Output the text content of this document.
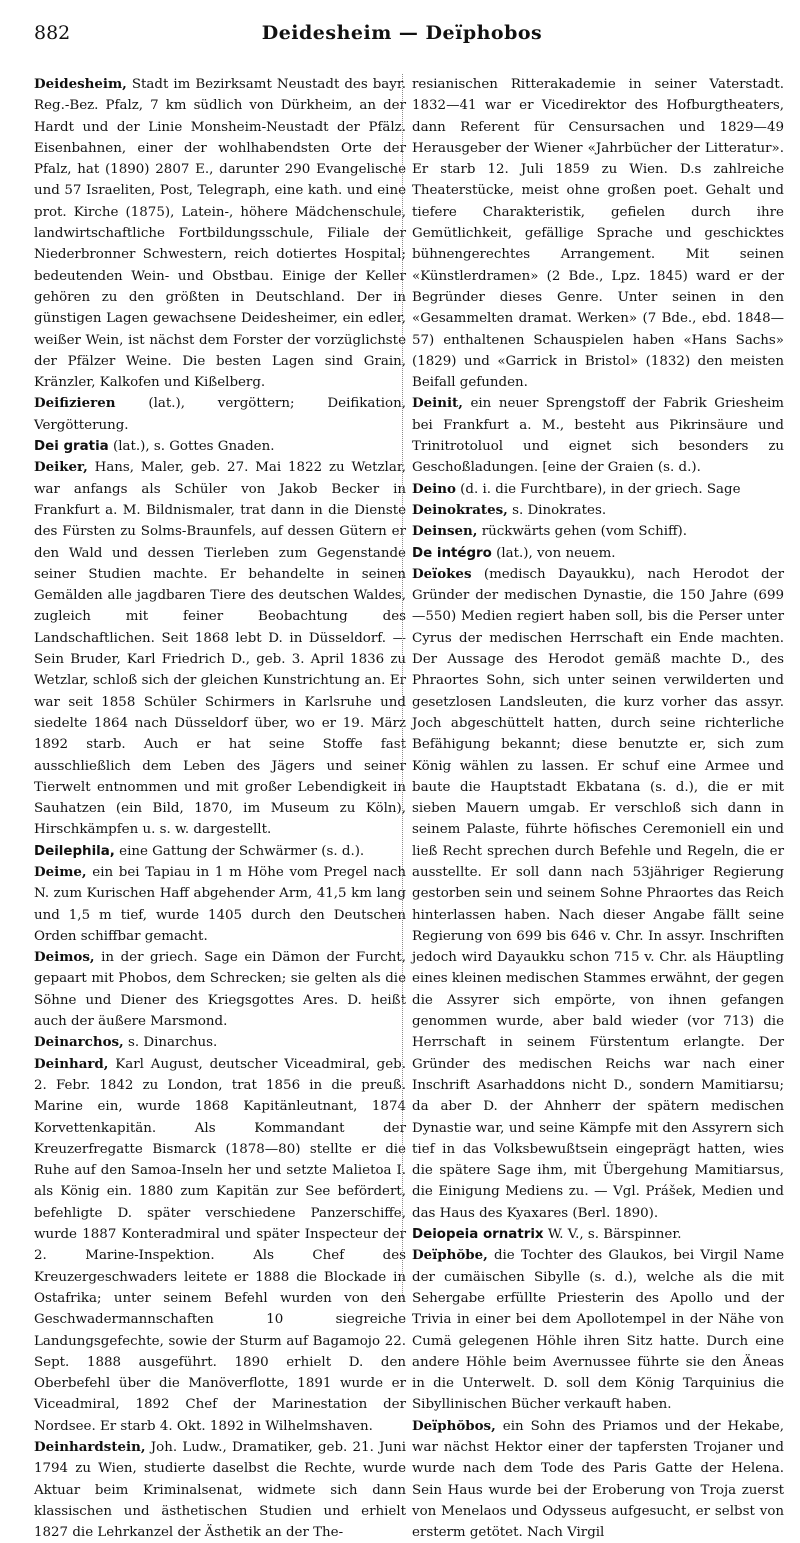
882	Deidesheim — Deïphobos

Deidesheim, Stadt im Bezirksamt Neustadt des bayr. Reg.-Bez. Pfalz, 7 km südlich von Dürkheim, an der Hardt und der Linie Monsheim-Neustadt der Pfälz. Eisenbahnen, einer der wohlhabendsten Orte der Pfalz, hat (1890) 2807 E., darunter 290 Evangelische und 57 Israeliten, Post, Telegraph, eine kath. und eine prot. Kirche (1875), Latein-, höhere Mädchenschule, landwirtschaftliche Fortbildungsschule, Filiale der Niederbronner Schwestern, reich dotiertes Hospital; bedeutenden Wein- und Obstbau. Einige der Keller gehören zu den größten in Deutschland. Der in günstigen Lagen gewachsene Deidesheimer, ein edler, weißer Wein, ist nächst dem Forster der vorzüglichste der Pfälzer Weine. Die besten Lagen sind Grain, Kränzler, Kalkofen und Kißelberg.

Deifizieren (lat.), vergöttern; Deifikation, Vergötterung.

Dei gratia (lat.), s. Gottes Gnaden.

Deiker, Hans, Maler, geb. 27. Mai 1822 zu Wetzlar, war anfangs als Schüler von Jakob Becker in Frankfurt a. M. Bildnismaler, trat dann in die Dienste des Fürsten zu Solms-Braunfels, auf dessen Gütern er den Wald und dessen Tierleben zum Gegenstande seiner Studien machte. Er behandelte in seinen Gemälden alle jagdbaren Tiere des deutschen Waldes, zugleich mit feiner Beobachtung des Landschaftlichen. Seit 1868 lebt D. in Düsseldorf. — Sein Bruder, Karl Friedrich D., geb. 3. April 1836 zu Wetzlar, schloß sich der gleichen Kunstrichtung an. Er war seit 1858 Schüler Schirmers in Karlsruhe und siedelte 1864 nach Düsseldorf über, wo er 19. März 1892 starb. Auch er hat seine Stoffe fast ausschließlich dem Leben des Jägers und seiner Tierwelt entnommen und mit großer Lebendigkeit in Sauhatzen (ein Bild, 1870, im Museum zu Köln), Hirschkämpfen u. s. w. dargestellt.

Deilephila, eine Gattung der Schwärmer (s. d.).

Deime, ein bei Tapiau in 1 m Höhe vom Pregel nach N. zum Kurischen Haff abgehender Arm, 41,5 km lang und 1,5 m tief, wurde 1405 durch den Deutschen Orden schiffbar gemacht.

Deimos, in der griech. Sage ein Dämon der Furcht, gepaart mit Phobos, dem Schrecken; sie gelten als die Söhne und Diener des Kriegsgottes Ares. D. heißt auch der äußere Marsmond.

Deinarchos, s. Dinarchus.

Deinhard, Karl August, deutscher Viceadmiral, geb. 2. Febr. 1842 zu London, trat 1856 in die preuß. Marine ein, wurde 1868 Kapitänleutnant, 1874 Korvettenkapitän. Als Kommandant der Kreuzerfregatte Bismarck (1878—80) stellte er die Ruhe auf den Samoa-Inseln her und setzte Malietoa I. als König ein. 1880 zum Kapitän zur See befördert, befehligte D. später verschiedene Panzerschiffe, wurde 1887 Konteradmiral und später Inspecteur der 2. Marine-Inspektion. Als Chef des Kreuzergeschwaders leitete er 1888 die Blockade in Ostafrika; unter seinem Befehl wurden von den Geschwadermannschaften 10 siegreiche Landungsgefechte, sowie der Sturm auf Bagamojo 22. Sept. 1888 ausgeführt. 1890 erhielt D. den Oberbefehl über die Manöverflotte, 1891 wurde er Viceadmiral, 1892 Chef der Marinestation der Nordsee. Er starb 4. Okt. 1892 in Wilhelmshaven.

Deinhardstein, Joh. Ludw., Dramatiker, geb. 21. Juni 1794 zu Wien, studierte daselbst die Rechte, wurde Aktuar beim Kriminalsenat, widmete sich dann klassischen und ästhetischen Studien und erhielt 1827 die Lehrkanzel der Ästhetik an der The-

resianischen Ritterakademie in seiner Vaterstadt. 1832—41 war er Vicedirektor des Hofburgtheaters, dann Referent für Censursachen und 1829—49 Herausgeber der Wiener «Jahrbücher der Litteratur». Er starb 12. Juli 1859 zu Wien. D.s zahlreiche Theaterstücke, meist ohne großen poet. Gehalt und tiefere Charakteristik, gefielen durch ihre Gemütlichkeit, gefällige Sprache und geschicktes bühnengerechtes Arrangement. Mit seinen «Künstlerdramen» (2 Bde., Lpz. 1845) ward er der Begründer dieses Genre. Unter seinen in den «Gesammelten dramat. Werken» (7 Bde., ebd. 1848—57) enthaltenen Schauspielen haben «Hans Sachs» (1829) und «Garrick in Bristol» (1832) den meisten Beifall gefunden.

Deinit, ein neuer Sprengstoff der Fabrik Griesheim bei Frankfurt a. M., besteht aus Pikrinsäure und Trinitrotoluol und eignet sich besonders zu Geschoßladungen. [eine der Graien (s. d.).

Deino (d. i. die Furchtbare), in der griech. Sage

Deinokrates, s. Dinokrates.

Deinsen, rückwärts gehen (vom Schiff).

De intégro (lat.), von neuem.

Deïokes (medisch Dayaukku), nach Herodot der Gründer der medischen Dynastie, die 150 Jahre (699—550) Medien regiert haben soll, bis die Perser unter Cyrus der medischen Herrschaft ein Ende machten. Der Aussage des Herodot gemäß machte D., des Phraortes Sohn, sich unter seinen verwilderten und gesetzlosen Landsleuten, die kurz vorher das assyr. Joch abgeschüttelt hatten, durch seine richterliche Befähigung bekannt; diese benutzte er, sich zum König wählen zu lassen. Er schuf eine Armee und baute die Hauptstadt Ekbatana (s. d.), die er mit sieben Mauern umgab. Er verschloß sich dann in seinem Palaste, führte höfisches Ceremoniell ein und ließ Recht sprechen durch Befehle und Regeln, die er ausstellte. Er soll dann nach 53jähriger Regierung gestorben sein und seinem Sohne Phraortes das Reich hinterlassen haben. Nach dieser Angabe fällt seine Regierung von 699 bis 646 v. Chr. In assyr. Inschriften jedoch wird Dayaukku schon 715 v. Chr. als Häuptling eines kleinen medischen Stammes erwähnt, der gegen die Assyrer sich empörte, von ihnen gefangen genommen wurde, aber bald wieder (vor 713) die Herrschaft in seinem Fürstentum erlangte. Der Gründer des medischen Reichs war nach einer Inschrift Asarhaddons nicht D., sondern Mamitiarsu; da aber D. der Ahnherr der spätern medischen Dynastie war, und seine Kämpfe mit den Assyrern sich tief in das Volksbewußtsein eingeprägt hatten, wies die spätere Sage ihm, mit Übergehung Mamitiarsus, die Einigung Mediens zu. — Vgl. Prášek, Medien und das Haus des Kyaxares (Berl. 1890).

Deiopeia ornatrix W. V., s. Bärspinner.

Deïphŏbe, die Tochter des Glaukos, bei Virgil Name der cumäischen Sibylle (s. d.), welche als die mit Sehergabe erfüllte Priesterin des Apollo und der Trivia in einer bei dem Apollotempel in der Nähe von Cumä gelegenen Höhle ihren Sitz hatte. Durch eine andere Höhle beim Avernussee führte sie den Äneas in die Unterwelt. D. soll dem König Tarquinius die Sibyllinischen Bücher verkauft haben.

Deïphŏbos, ein Sohn des Priamos und der Hekabe, war nächst Hektor einer der tapfersten Trojaner und wurde nach dem Tode des Paris Gatte der Helena. Sein Haus wurde bei der Eroberung von Troja zuerst von Menelaos und Odysseus aufgesucht, er selbst von ersterm getötet. Nach Virgil
